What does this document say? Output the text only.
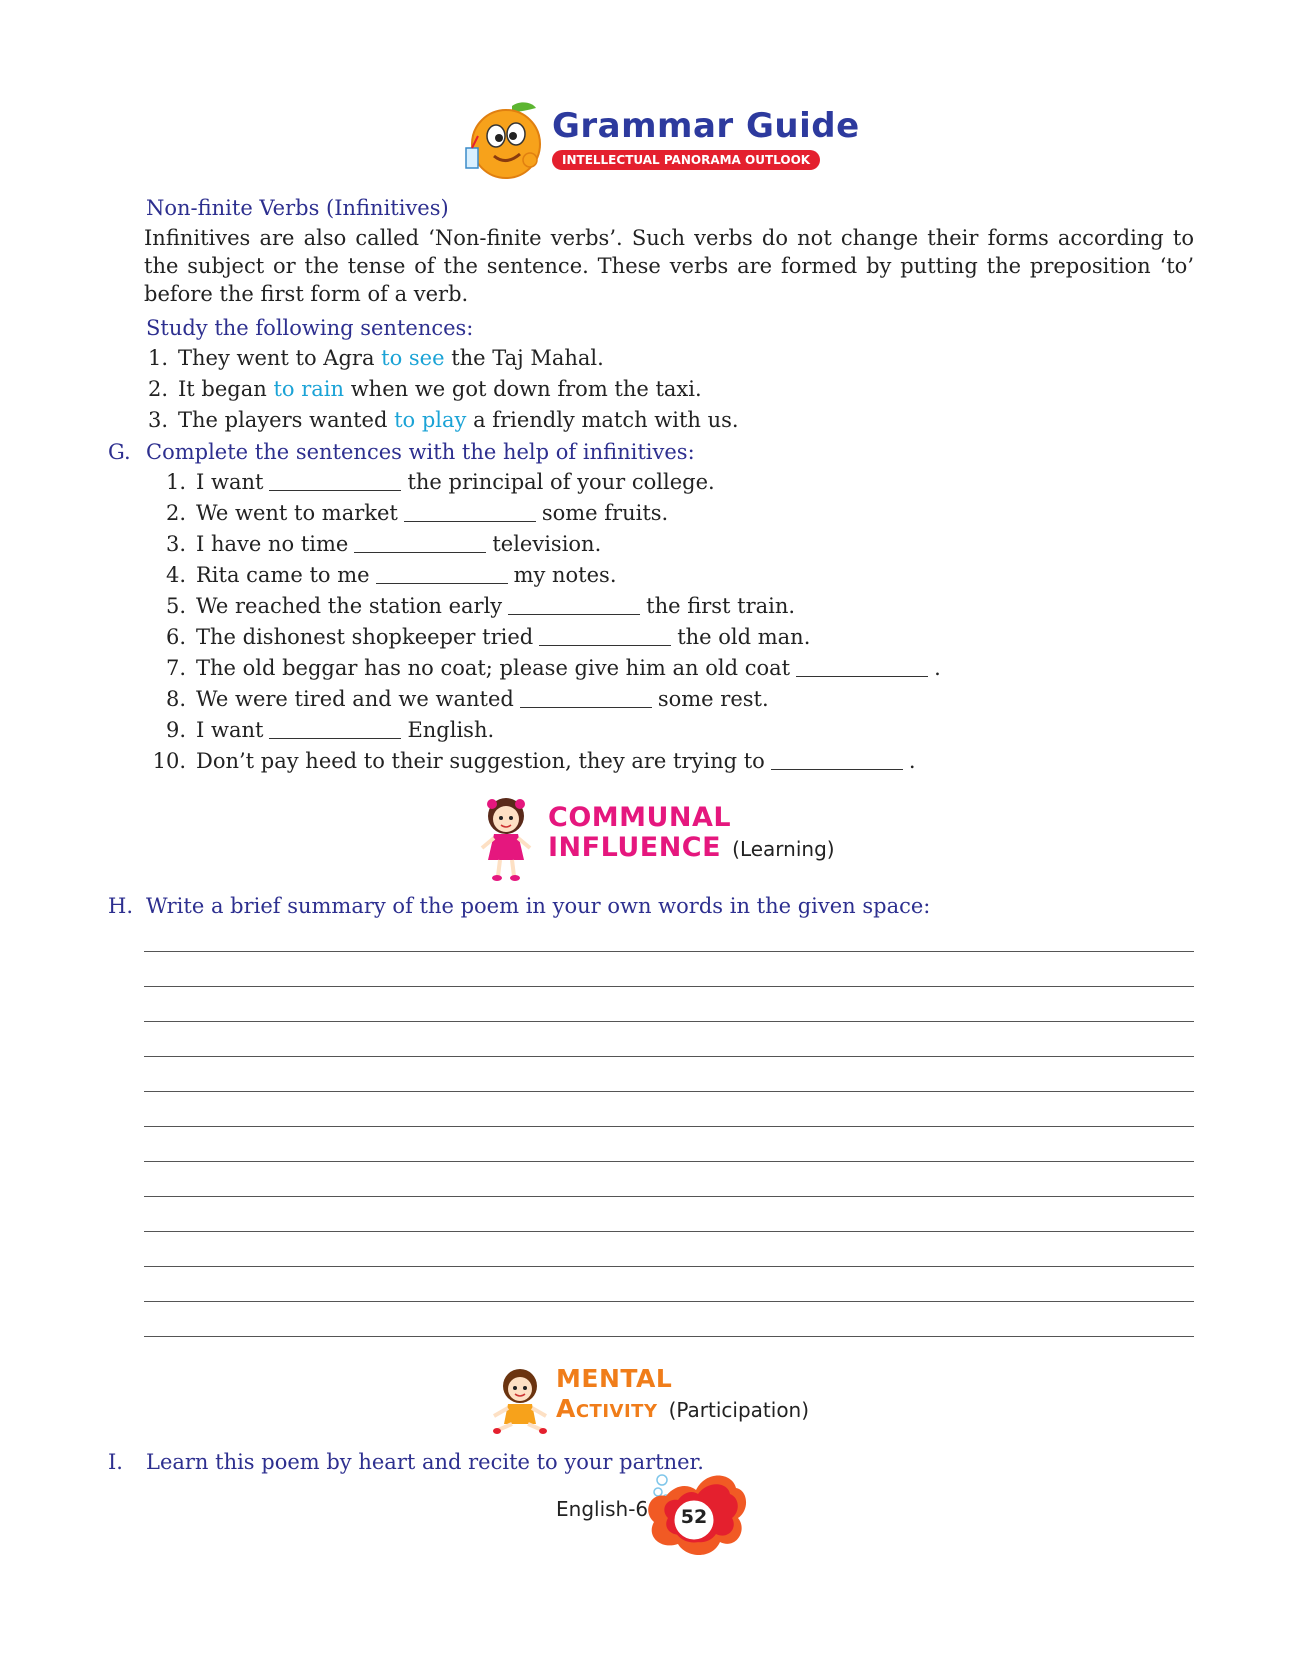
Grammar Guide
INTELLECTUAL PANORAMA OUTLOOK
Non-finite Verbs (Infinitives)
Infinitives are also called ‘Non-finite verbs’. Such verbs do not change their forms according to
the subject or the tense of the sentence. These verbs are formed by putting the preposition ‘to’
before the first form of a verb.
Study the following sentences:
1. They went to Agra to see the Taj Mahal.
2. It began to rain when we got down from the taxi.
3. The players wanted to play a friendly match with us.
G. Complete the sentences with the help of infinitives:
1. I want	the principal of your college.
2. We went to market	some fruits.
3. I have no time	television.
4. Rita came to me	my notes.
5. We reached the station early	the first train.
6. The dishonest shopkeeper tried	the old man.
7. The old beggar has no coat; please give him an old coat	.
8. We were tired and we wanted	some rest.
9. I want	English.
10. Don’t pay heed to their suggestion, they are trying to	.
COMMUNAL
INFLUENCE (Learning)
H. Write a brief summary of the poem in your own words in the given space:
MENTAL
Activity (Participation)
I. Learn this poem by heart and recite to your partner.
English-6	52
